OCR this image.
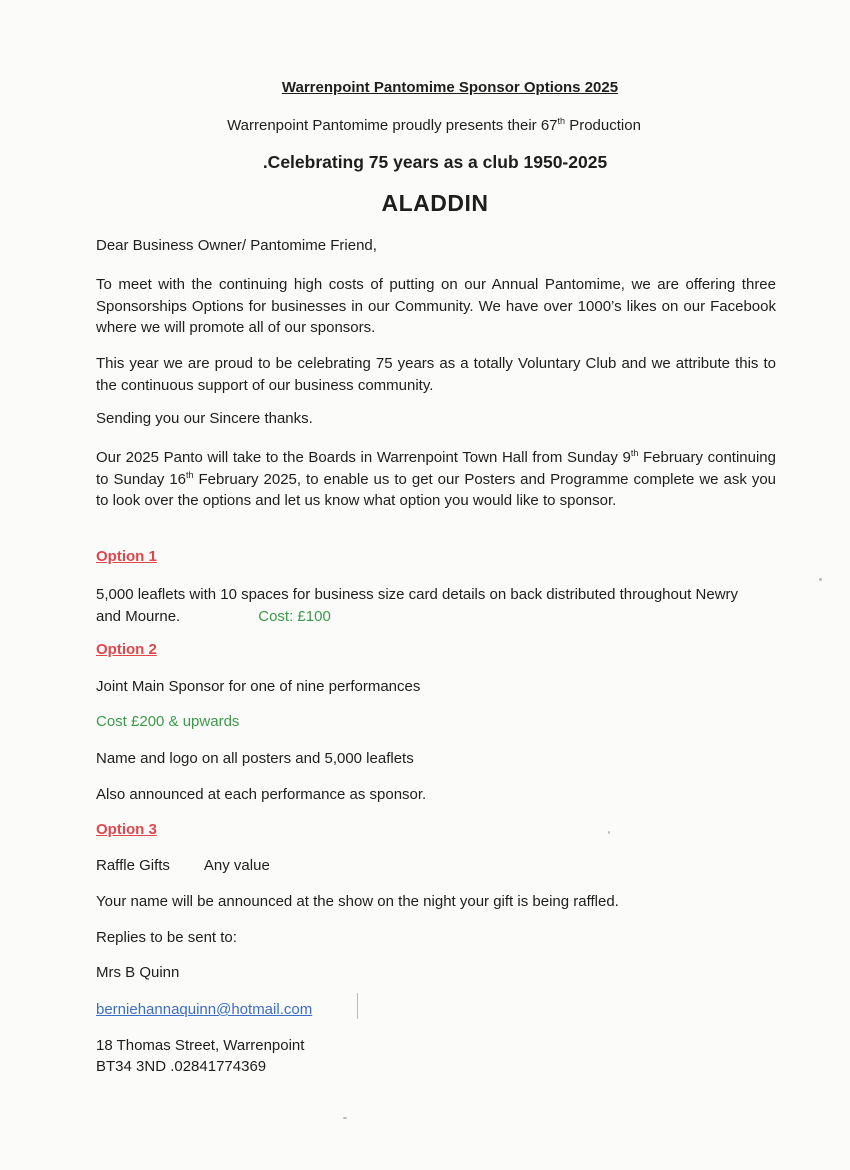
Warrenpoint Pantomime Sponsor Options 2025

Warrenpoint Pantomime proudly presents their 67th Production

.Celebrating 75 years as a club 1950-2025

ALADDIN

Dear Business Owner/ Pantomime Friend,

To meet with the continuing high costs of putting on our Annual Pantomime, we are offering three Sponsorships Options for businesses in our Community. We have over 1000’s likes on our Facebook where we will promote all of our sponsors.

This year we are proud to be celebrating 75 years as a totally Voluntary Club and we attribute this to the continuous support of our business community.

Sending you our Sincere thanks.

Our 2025 Panto will take to the Boards in Warrenpoint Town Hall from Sunday 9th February continuing to Sunday 16th February 2025, to enable us to get our Posters and Programme complete we ask you to look over the options and let us know what option you would like to sponsor.

Option 1

5,000 leaflets with 10 spaces for business size card details on back distributed throughout Newry and Mourne.	Cost: £100

Option 2

Joint Main Sponsor for one of nine performances

Cost £200 & upwards

Name and logo on all posters and 5,000 leaflets

Also announced at each performance as sponsor.

Option 3

Raffle Gifts Any value

Your name will be announced at the show on the night your gift is being raffled.

Replies to be sent to:

Mrs B Quinn

berniehannaquinn@hotmail.com

18 Thomas Street, Warrenpoint

BT34 3ND .02841774369
